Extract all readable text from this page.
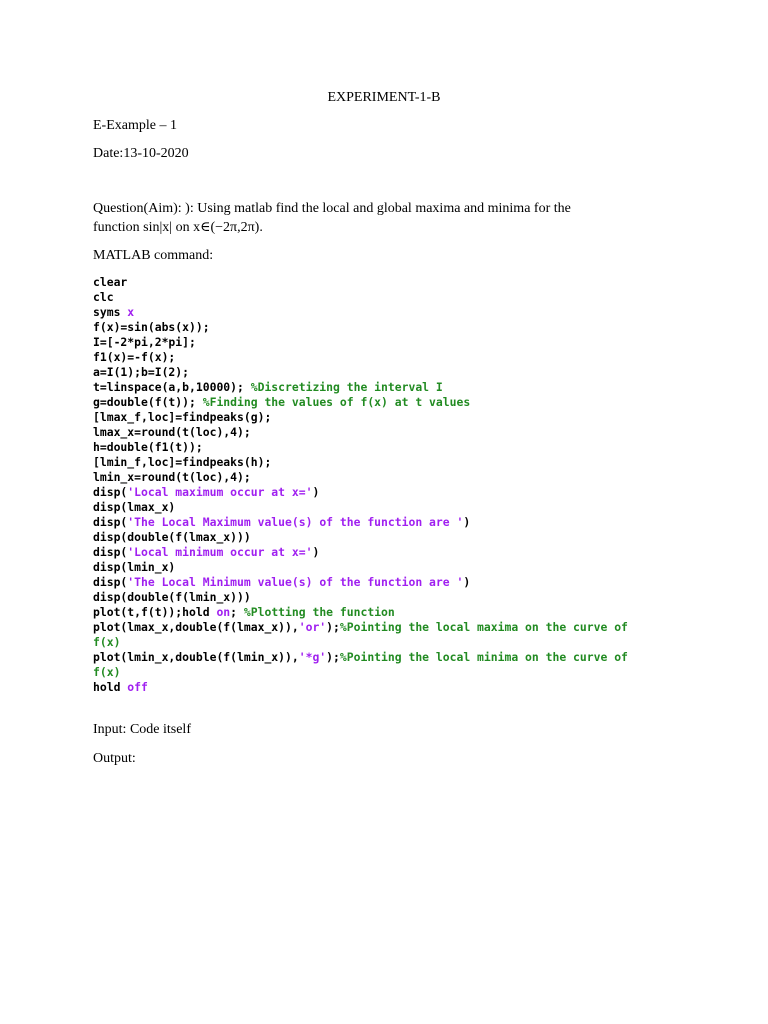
EXPERIMENT-1-B

E-Example – 1

Date:13-10-2020

Question(Aim): ): Using matlab find the local and global maxima and minima for the

function sin|x| on x∈(−2π,2π).

MATLAB command:

clear
clc
syms x
f(x)=sin(abs(x));
I=[-2*pi,2*pi];
f1(x)=-f(x);
a=I(1);b=I(2);
t=linspace(a,b,10000); %Discretizing the interval I
g=double(f(t)); %Finding the values of f(x) at t values
[lmax_f,loc]=findpeaks(g);
lmax_x=round(t(loc),4);
h=double(f1(t));
[lmin_f,loc]=findpeaks(h);
lmin_x=round(t(loc),4);
disp('Local maximum occur at x=')
disp(lmax_x)
disp('The Local Maximum value(s) of the function are ')
disp(double(f(lmax_x)))
disp('Local minimum occur at x=')
disp(lmin_x)
disp('The Local Minimum value(s) of the function are ')
disp(double(f(lmin_x)))
plot(t,f(t));hold on; %Plotting the function
plot(lmax_x,double(f(lmax_x)),'or');%Pointing the local maxima on the curve of
f(x)
plot(lmin_x,double(f(lmin_x)),'*g');%Pointing the local minima on the curve of
f(x)
hold off

Input: Code itself

Output:
